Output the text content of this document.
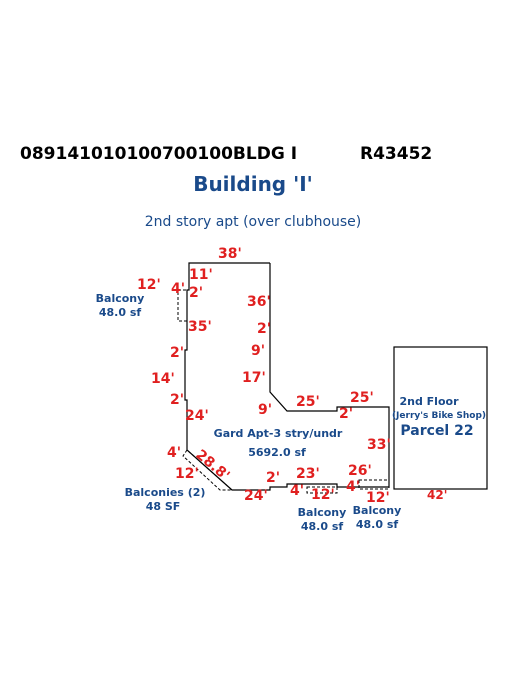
089141010100700100BLDG I	R43452
Building 'I'
2nd story apt (over clubhouse)
38'
11'
4' 2'
12'
36'
35'	2'
2'	9'
14'	17'
2'	25' 25'
9'	2'
24'
33'
4' 28.8'
12'	23' 26'
2'
24' 4' 12' 4'
12'	42'
Balcony
48.0 sf
Gard Apt-3 stry/undr
5692.0 sf
Balconies (2)
48 SF	Balcony
48.0 sf
Balcony
48.0 sf
2nd Floor
(Jerry's Bike Shop)
Parcel 22
